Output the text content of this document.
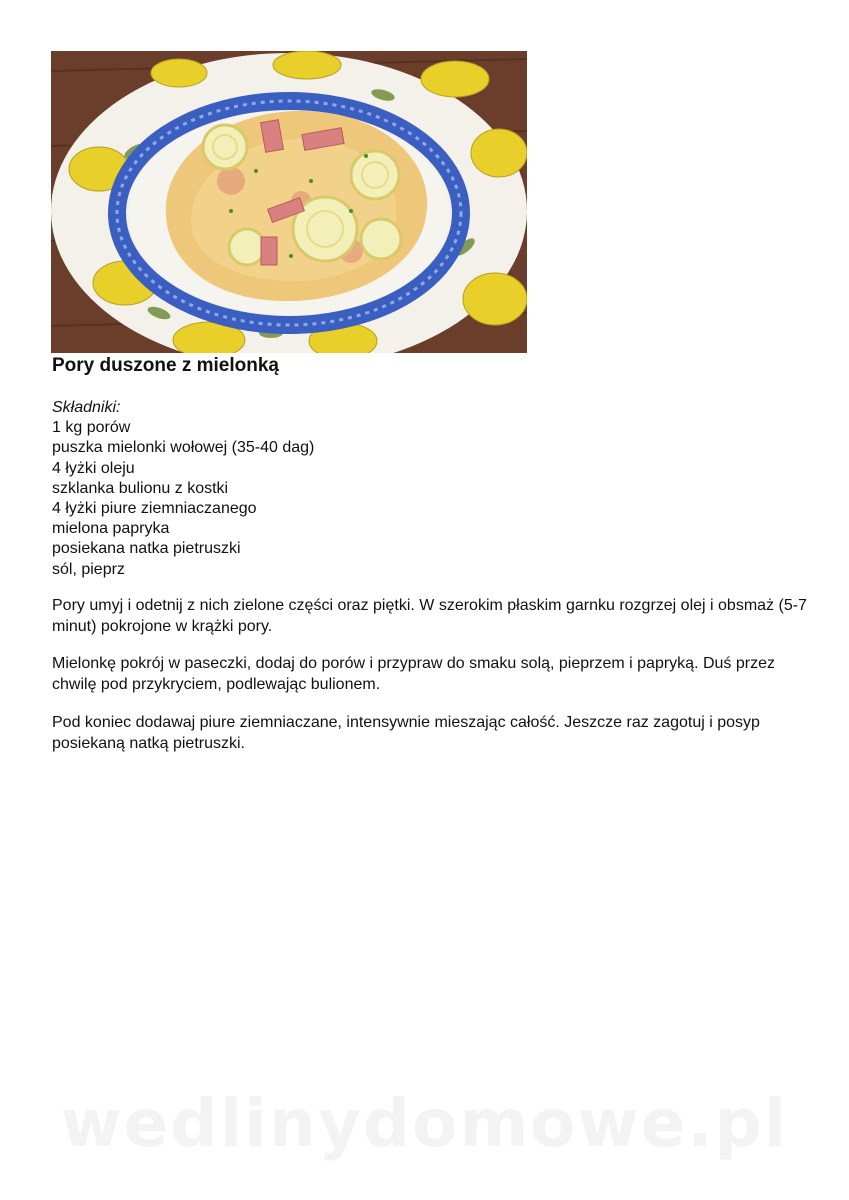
Pory duszone z mielonką
Składniki:
1 kg porów
puszka mielonki wołowej (35-40 dag)
4 łyżki oleju
szklanka bulionu z kostki
4 łyżki piure ziemniaczanego
mielona papryka
posiekana natka pietruszki
sól, pieprz

Pory umyj i odetnij z nich zielone części oraz piętki. W szerokim płaskim garnku rozgrzej olej i obsmaż (5-7 minut) pokrojone w krążki pory.

Mielonkę pokrój w paseczki, dodaj do porów i przypraw do smaku solą, pieprzem i papryką. Duś przez chwilę pod przykryciem, podlewając bulionem.

Pod koniec dodawaj piure ziemniaczane, intensywnie mieszając całość. Jeszcze raz zagotuj i posyp posiekaną natką pietruszki.

wedlinydomowe.pl
